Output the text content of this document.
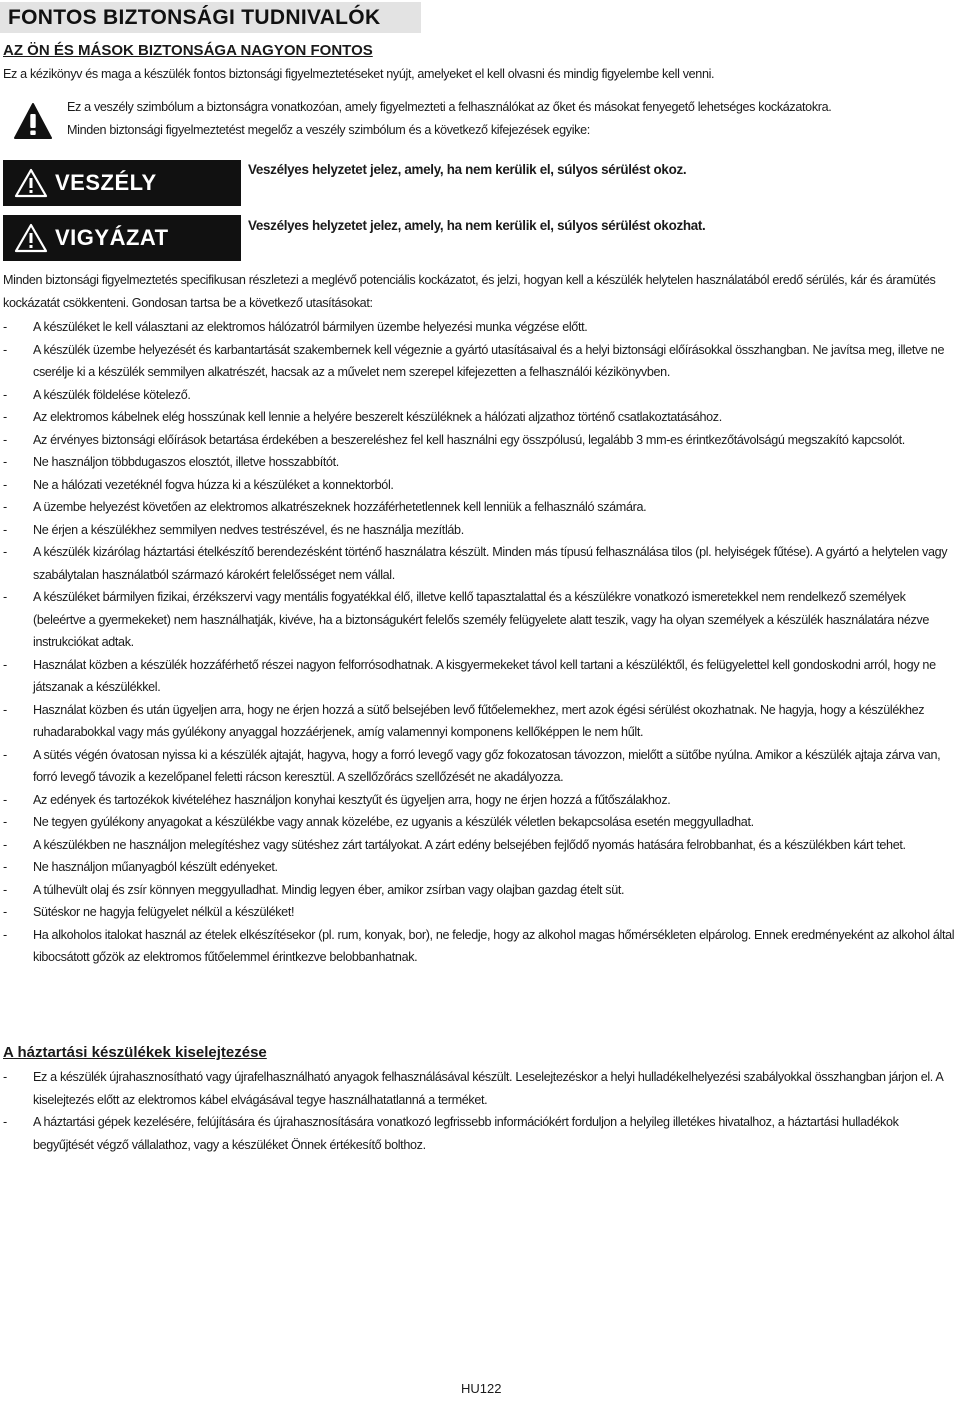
FONTOS BIZTONSÁGI TUDNIVALÓK
AZ ÖN ÉS MÁSOK BIZTONSÁGA NAGYON FONTOS
Ez a kézikönyv és maga a készülék fontos biztonsági figyelmeztetéseket nyújt, amelyeket el kell olvasni és mindig figyelembe kell venni.
Ez a veszély szimbólum a biztonságra vonatkozóan, amely figyelmezteti a felhasználókat az őket és másokat fenyegető lehetséges kockázatokra.
Minden biztonsági figyelmeztetést megelőz a veszély szimbólum és a következő kifejezések egyike:
VESZÉLY
Veszélyes helyzetet jelez, amely, ha nem kerülik el, súlyos sérülést okoz.
VIGYÁZAT	Veszélyes helyzetet jelez, amely, ha nem kerülik el, súlyos sérülést okozhat.
Minden biztonsági figyelmeztetés specifikusan részletezi a meglévő potenciális kockázatot, és jelzi, hogyan kell a készülék helytelen használatából eredő sérülés, kár és áramütés kockázatát csökkenteni. Gondosan tartsa be a következő utasításokat:
- A készüléket le kell választani az elektromos hálózatról bármilyen üzembe helyezési munka végzése előtt.
- A készülék üzembe helyezését és karbantartását szakembernek kell végeznie a gyártó utasításaival és a helyi biztonsági előírásokkal összhangban. Ne javítsa meg, illetve ne cserélje ki a készülék semmilyen alkatrészét, hacsak az a művelet nem szerepel kifejezetten a felhasználói kézikönyvben.
- A készülék földelése kötelező.
- Az elektromos kábelnek elég hosszúnak kell lennie a helyére beszerelt készüléknek a hálózati aljzathoz történő csatlakoztatásához.
- Az érvényes biztonsági előírások betartása érdekében a beszereléshez fel kell használni egy összpólusú, legalább 3 mm-es érintkezőtávolságú megszakító kapcsolót.
- Ne használjon többdugaszos elosztót, illetve hosszabbítót.
- Ne a hálózati vezetéknél fogva húzza ki a készüléket a konnektorból.
- A üzembe helyezést követően az elektromos alkatrészeknek hozzáférhetetlennek kell lenniük a felhasználó számára.
- Ne érjen a készülékhez semmilyen nedves testrészével, és ne használja mezítláb.
- A készülék kizárólag háztartási ételkészítő berendezésként történő használatra készült. Minden más típusú felhasználása tilos (pl. helyiségek fűtése). A gyártó a helytelen vagy szabálytalan használatból származó károkért felelősséget nem vállal.
- A készüléket bármilyen fizikai, érzékszervi vagy mentális fogyatékkal élő, illetve kellő tapasztalattal és a készülékre vonatkozó ismeretekkel nem rendelkező személyek (beleértve a gyermekeket) nem használhatják, kivéve, ha a biztonságukért felelős személy felügyelete alatt teszik, vagy ha olyan személyek a készülék használatára nézve instrukciókat adtak.
- Használat közben a készülék hozzáférhető részei nagyon felforrósodhatnak. A kisgyermekeket távol kell tartani a készüléktől, és felügyelettel kell gondoskodni arról, hogy ne játszanak a készülékkel.
- Használat közben és után ügyeljen arra, hogy ne érjen hozzá a sütő belsejében levő fűtőelemekhez, mert azok égési sérülést okozhatnak. Ne hagyja, hogy a készülékhez ruhadarabokkal vagy más gyúlékony anyaggal hozzáérjenek, amíg valamennyi komponens kellőképpen le nem hűlt.
- A sütés végén óvatosan nyissa ki a készülék ajtaját, hagyva, hogy a forró levegő vagy gőz fokozatosan távozzon, mielőtt a sütőbe nyúlna. Amikor a készülék ajtaja zárva van, forró levegő távozik a kezelőpanel feletti rácson keresztül. A szellőzőrács szellőzését ne akadályozza.
- Az edények és tartozékok kivételéhez használjon konyhai kesztyűt és ügyeljen arra, hogy ne érjen hozzá a fűtőszálakhoz.
- Ne tegyen gyúlékony anyagokat a készülékbe vagy annak közelébe, ez ugyanis a készülék véletlen bekapcsolása esetén meggyulladhat.
- A készülékben ne használjon melegítéshez vagy sütéshez zárt tartályokat. A zárt edény belsejében fejlődő nyomás hatására felrobbanhat, és a készülékben kárt tehet.
- Ne használjon műanyagból készült edényeket.
- A túlhevült olaj és zsír könnyen meggyulladhat. Mindig legyen éber, amikor zsírban vagy olajban gazdag ételt süt.
- Sütéskor ne hagyja felügyelet nélkül a készüléket!
- Ha alkoholos italokat használ az ételek elkészítésekor (pl. rum, konyak, bor), ne feledje, hogy az alkohol magas hőmérsékleten elpárolog. Ennek eredményeként az alkohol által kibocsátott gőzök az elektromos fűtőelemmel érintkezve belobbanhatnak.
A háztartási készülékek kiselejtezése
- Ez a készülék újrahasznosítható vagy újrafelhasználható anyagok felhasználásával készült. Leselejtezéskor a helyi hulladékelhelyezési szabályokkal összhangban járjon el. A kiselejtezés előtt az elektromos kábel elvágásával tegye használhatatlanná a terméket.
- A háztartási gépek kezelésére, felújítására és újrahasznosítására vonatkozó legfrissebb információkért forduljon a helyileg illetékes hivatalhoz, a háztartási hulladékok begyűjtését végző vállalathoz, vagy a készüléket Önnek értékesítő bolthoz.
HU122
